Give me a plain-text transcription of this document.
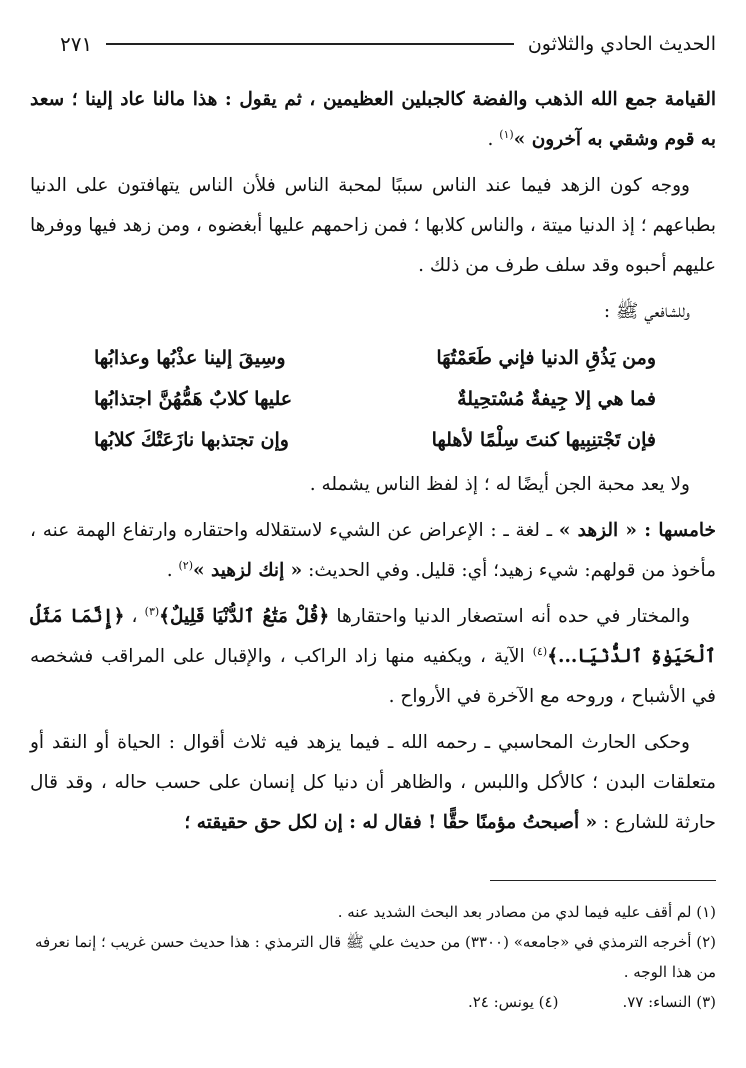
الحديث الحادي والثلاثون
٢٧١

القيامة جمع الله الذهب والفضة كالجبلين العظيمين ، ثم يقول : هذا مالنا عاد إلينا ؛ سعد به قوم وشقي به آخرون »$^{(١)}$ .

ووجه كون الزهد فيما عند الناس سببًا لمحبة الناس فلأن الناس يتهافتون على الدنيا بطباعهم ؛ إذ الدنيا ميتة ، والناس كلابها ؛ فمن زاحمهم عليها أبغضوه ، ومن زهد فيها ووفرها عليهم أحبوه وقد سلف طرف من ذلك .

وللشافعي ﷺ :

ومن يَذُقِ الدنيا فإني طَعَمْتُهَا
وسِيقَ إلينا عذْبُها وعذابُها
فما هي إلا جِيفةٌ مُسْتحِيلةٌ
عليها كلابٌ هَمُّهُنَّ اجتذابُها
فإن تَجْتنِبِيها كنتَ سِلْمًا لأهلها
وإن تجتذبها نازَعَتْكَ كلابُها

ولا يعد محبة الجن أيضًا له ؛ إذ لفظ الناس يشمله .

خامسها : « الزهد » ـ لغة ـ : الإعراض عن الشيء لاستقلاله واحتقاره وارتفاع الهمة عنه ، مأخوذ من قولهم: شيء زهيد؛ أي: قليل. وفي الحديث: « إنك لزهيد »$^{(٢)}$ .

والمختار في حده أنه استصغار الدنيا واحتقارها ﴿قُلْ مَتَٰعُ ٱلدُّنْيَا قَلِيلٌ﴾$^{(٣)}$ ، ﴿إِنَّمَا مَثَلُ ٱلْحَيَوٰةِ ٱلدُّنْيَا...﴾$^{(٤)}$ الآية ، ويكفيه منها زاد الراكب ، والإقبال على المراقب فشخصه في الأشباح ، وروحه مع الآخرة في الأرواح .

وحكى الحارث المحاسبي ـ رحمه الله ـ فيما يزهد فيه ثلاث أقوال : الحياة أو النقد أو متعلقات البدن ؛ كالأكل واللبس ، والظاهر أن دنيا كل إنسان على حسب حاله ، وقد قال حارثة للشارع : « أصبحتُ مؤمنًا حقًّا ! فقال له : إن لكل حق حقيقته ؛

(١) لم أقف عليه فيما لدي من مصادر بعد البحث الشديد عنه .

(٢) أخرجه الترمذي في «جامعه» (٣٣٠٠) من حديث علي ﷺ قال الترمذي : هذا حديث حسن غريب ؛ إنما نعرفه من هذا الوجه .

(٣) النساء: ٧٧.
(٤) يونس: ٢٤.
